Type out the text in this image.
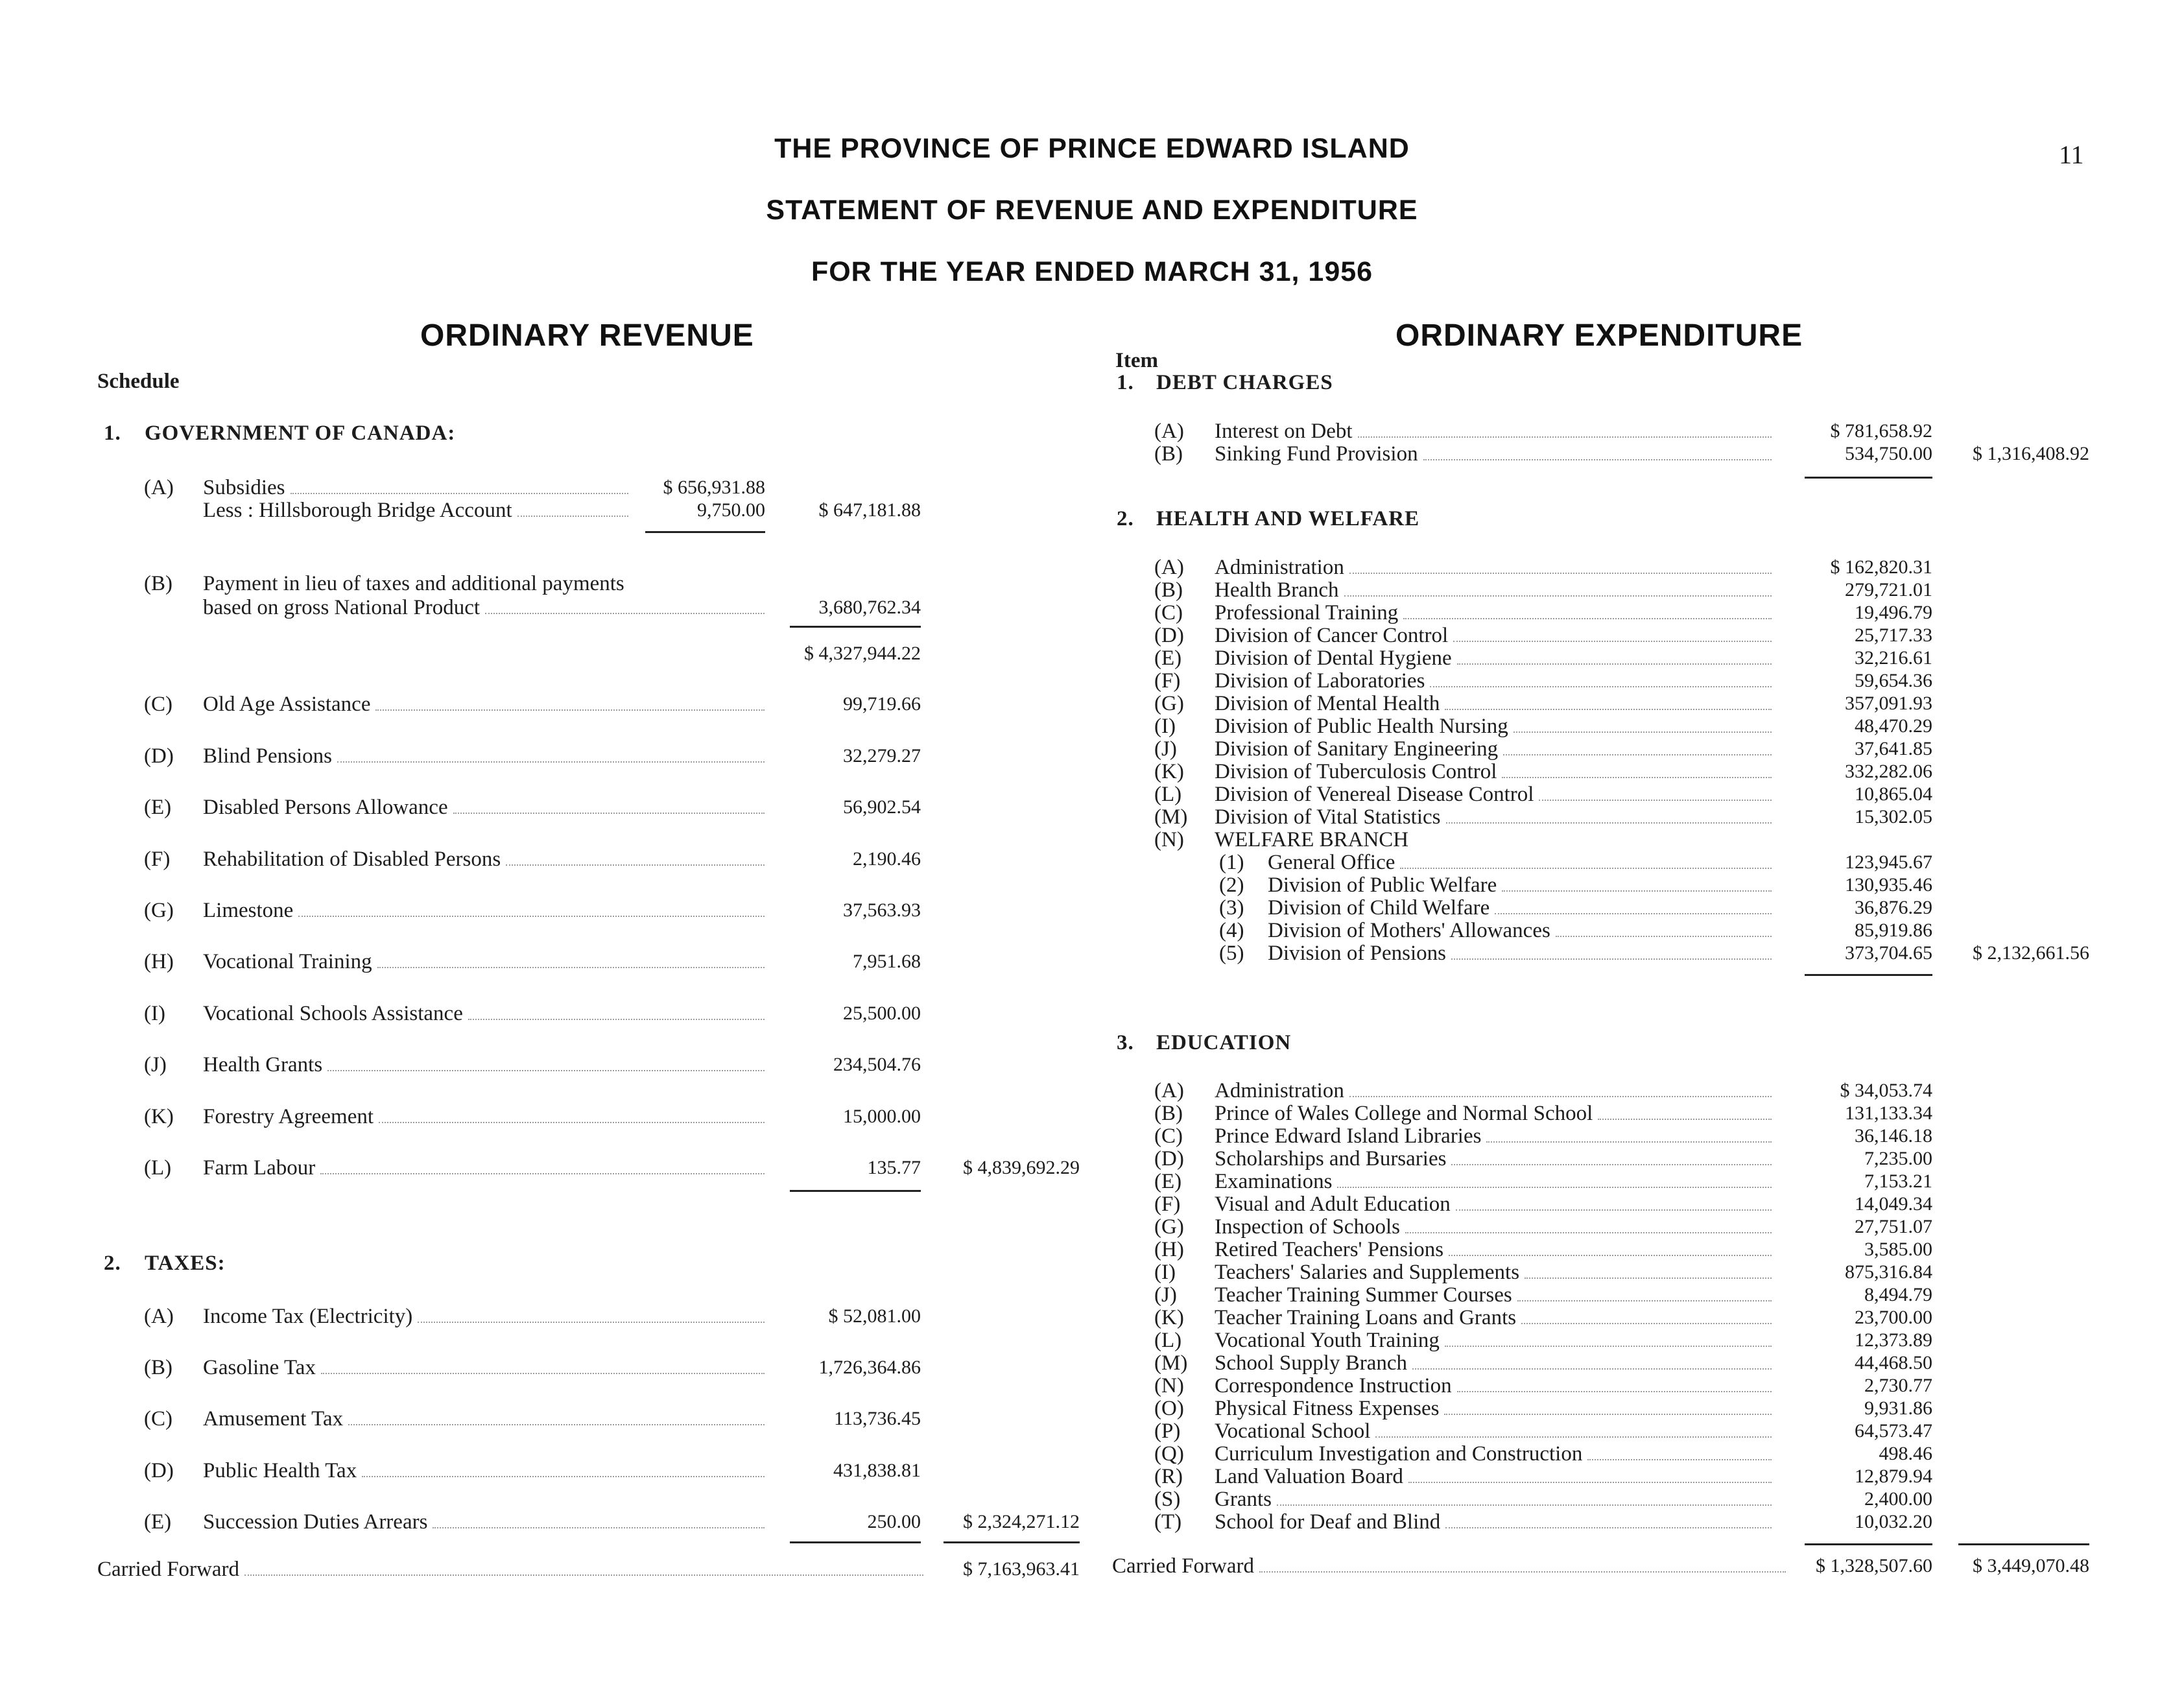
THE PROVINCE OF PRINCE EDWARD ISLAND
STATEMENT OF REVENUE AND EXPENDITURE
FOR THE YEAR ENDED MARCH 31, 1956
11
ORDINARY REVENUE	ORDINARY EXPENDITURE
Schedule
Item
1. GOVERNMENT OF CANADA:
(A) Subsidies	$ 656,931.88
Less : Hillsborough Bridge Account	9,750.00	$ 647,181.88
(B) Payment in lieu of taxes and additional payments
based on gross National Product	3,680,762.34
$ 4,327,944.22
(C) Old Age Assistance	99,719.66
(D) Blind Pensions	32,279.27
(E) Disabled Persons Allowance	56,902.54
(F) Rehabilitation of Disabled Persons	2,190.46
(G) Limestone	37,563.93
(H) Vocational Training	7,951.68
(I) Vocational Schools Assistance	25,500.00
(J) Health Grants	234,504.76
(K) Forestry Agreement	15,000.00
(L) Farm Labour	135.77 $ 4,839,692.29
2. TAXES:
(A) Income Tax (Electricity)	$ 52,081.00
(B) Gasoline Tax	1,726,364.86
(C) Amusement Tax	113,736.45
(D) Public Health Tax	431,838.81
(E) Succession Duties Arrears	250.00 $ 2,324,271.12
Carried Forward	$ 7,163,963.41
1. DEBT CHARGES
(A) Interest on Debt	$ 781,658.92
(B) Sinking Fund Provision	534,750.00 $ 1,316,408.92
2. HEALTH AND WELFARE
(A) Administration	$ 162,820.31
(B) Health Branch	279,721.01
(C) Professional Training	19,496.79
(D) Division of Cancer Control	25,717.33
(E) Division of Dental Hygiene	32,216.61
(F) Division of Laboratories	59,654.36
(G) Division of Mental Health	357,091.93
(I) Division of Public Health Nursing	48,470.29
(J) Division of Sanitary Engineering	37,641.85
(K) Division of Tuberculosis Control	332,282.06
(L) Division of Venereal Disease Control	10,865.04
(M) Division of Vital Statistics	15,302.05
(N) WELFARE BRANCH
(1) General Office	123,945.67
(2) Division of Public Welfare	130,935.46
(3) Division of Child Welfare	36,876.29
(4) Division of Mothers' Allowances	85,919.86
(5) Division of Pensions	373,704.65 $ 2,132,661.56
3. EDUCATION
(A) Administration	$ 34,053.74
(B) Prince of Wales College and Normal School	131,133.34
(C) Prince Edward Island Libraries	36,146.18
(D) Scholarships and Bursaries	7,235.00
(E) Examinations	7,153.21
(F) Visual and Adult Education	14,049.34
(G) Inspection of Schools	27,751.07
(H) Retired Teachers' Pensions	3,585.00
(I) Teachers' Salaries and Supplements	875,316.84
(J) Teacher Training Summer Courses	8,494.79
(K) Teacher Training Loans and Grants	23,700.00
(L) Vocational Youth Training	12,373.89
(M) School Supply Branch	44,468.50
(N) Correspondence Instruction	2,730.77
(O) Physical Fitness Expenses	9,931.86
(P) Vocational School	64,573.47
(Q) Curriculum Investigation and Construction	498.46
(R) Land Valuation Board	12,879.94
(S) Grants	2,400.00
(T) School for Deaf and Blind	10,032.20
Carried Forward	$ 1,328,507.60 $ 3,449,070.48
